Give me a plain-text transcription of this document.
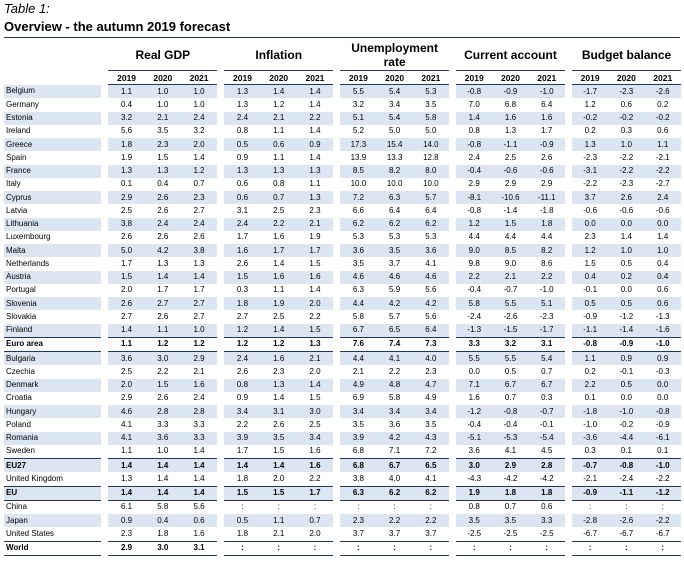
Table 1:
Overview - the autumn 2019 forecast
		Real GDP				Inflation				Unemployment rate				Current account				Budget balance		
		2019	2020	2021		2019	2020	2021		2019	2020	2021		2019	2020	2021		2019	2020	2021
Belgium		1.1	1.0	1.0		1.3	1.4	1.4		5.5	5.4	5.3		-0.8	-0.9	-1.0		-1.7	-2.3	-2.6
Germany		0.4	1.0	1.0		1.3	1.2	1.4		3.2	3.4	3.5		7.0	6.8	6.4		1.2	0.6	0.2
Estonia		3.2	2.1	2.4		2.4	2.1	2.2		5.1	5.4	5.8		1.4	1.6	1.6		-0.2	-0.2	-0.2
Ireland		5.6	3.5	3.2		0.8	1.1	1.4		5.2	5.0	5.0		0.8	1.3	1.7		0.2	0.3	0.6
Greece		1.8	2.3	2.0		0.5	0.6	0.9		17.3	15.4	14.0		-0.8	-1.1	-0.9		1.3	1.0	1.1
Spain		1.9	1.5	1.4		0.9	1.1	1.4		13.9	13.3	12.8		2.4	2.5	2.6		-2.3	-2.2	-2.1
France		1.3	1.3	1.2		1.3	1.3	1.3		8.5	8.2	8.0		-0.4	-0.6	-0.6		-3.1	-2.2	-2.2
Italy		0.1	0.4	0.7		0.6	0.8	1.1		10.0	10.0	10.0		2.9	2.9	2.9		-2.2	-2.3	-2.7
Cyprus		2.9	2.6	2.3		0.6	0.7	1.3		7.2	6.3	5.7		-8.1	-10.6	-11.1		3.7	2.6	2.4
Latvia		2.5	2.6	2.7		3.1	2.5	2.3		6.6	6.4	6.4		-0.8	-1.4	-1.8		-0.6	-0.6	-0.6
Lithuania		3.8	2.4	2.4		2.4	2.2	2.1		6.2	6.2	6.2		1.2	1.5	1.8		0.0	0.0	0.0
Luxembourg		2.6	2.6	2.6		1.7	1.6	1.9		5.3	5.3	5.3		4.4	4.4	4.4		2.3	1.4	1.4
Malta		5.0	4.2	3.8		1.6	1.7	1.7		3.6	3.5	3.6		9.0	8.5	8.2		1.2	1.0	1.0
Netherlands		1.7	1.3	1.3		2.6	1.4	1.5		3.5	3.7	4.1		9.8	9.0	8.6		1.5	0.5	0.4
Austria		1.5	1.4	1.4		1.5	1.6	1.6		4.6	4.6	4.6		2.2	2.1	2.2		0.4	0.2	0.4
Portugal		2.0	1.7	1.7		0.3	1.1	1.4		6.3	5.9	5.6		-0.4	-0.7	-1.0		-0.1	0.0	0.6
Slovenia		2.6	2.7	2.7		1.8	1.9	2.0		4.4	4.2	4.2		5.8	5.5	5.1		0.5	0.5	0.6
Slovakia		2.7	2.6	2.7		2.7	2.5	2.2		5.8	5.7	5.6		-2.4	-2.6	-2.3		-0.9	-1.2	-1.3
Finland		1.4	1.1	1.0		1.2	1.4	1.5		6.7	6.5	6.4		-1.3	-1.5	-1.7		-1.1	-1.4	-1.6
Euro area		1.1	1.2	1.2		1.2	1.2	1.3		7.6	7.4	7.3		3.3	3.2	3.1		-0.8	-0.9	-1.0
Bulgaria		3.6	3.0	2.9		2.4	1.6	2.1		4.4	4.1	4.0		5.5	5.5	5.4		1.1	0.9	0.9
Czechia		2.5	2.2	2.1		2.6	2.3	2.0		2.1	2.2	2.3		0.0	0.5	0.7		0.2	-0.1	-0.3
Denmark		2.0	1.5	1.6		0.8	1.3	1.4		4.9	4.8	4.7		7.1	6.7	6.7		2.2	0.5	0.0
Croatia		2.9	2.6	2.4		0.9	1.4	1.5		6.9	5.8	4.9		1.6	0.7	0.3		0.1	0.0	0.0
Hungary		4.6	2.8	2.8		3.4	3.1	3.0		3.4	3.4	3.4		-1.2	-0.8	-0.7		-1.8	-1.0	-0.8
Poland		4.1	3.3	3.3		2.2	2.6	2.5		3.5	3.6	3.5		-0.4	-0.4	-0.1		-1.0	-0.2	-0.9
Romania		4.1	3.6	3.3		3.9	3.5	3.4		3.9	4.2	4.3		-5.1	-5.3	-5.4		-3.6	-4.4	-6.1
Sweden		1.1	1.0	1.4		1.7	1.5	1.6		6.8	7.1	7.2		3.6	4.1	4.5		0.3	0.1	0.1
EU27		1.4	1.4	1.4		1.4	1.4	1.6		6.8	6.7	6.5		3.0	2.9	2.8		-0.7	-0.8	-1.0
United Kingdom		1.3	1.4	1.4		1.8	2.0	2.2		3.8	4.0	4.1		-4.3	-4.2	-4.2		-2.1	-2.4	-2.2
EU		1.4	1.4	1.4		1.5	1.5	1.7		6.3	6.2	6.2		1.9	1.8	1.8		-0.9	-1.1	-1.2
China		6.1	5.8	5.6		:	:	:		:	:	:		0.8	0.7	0.6		:	:	:
Japan		0.9	0.4	0.6		0.5	1.1	0.7		2.3	2.2	2.2		3.5	3.5	3.3		-2.8	-2.6	-2.2
United States		2.3	1.8	1.6		1.8	2.1	2.0		3.7	3.7	3.7		-2.5	-2.5	-2.5		-6.7	-6.7	-6.7
World		2.9	3.0	3.1		:	:	:		:	:	:		:	:	:		:	:	:
